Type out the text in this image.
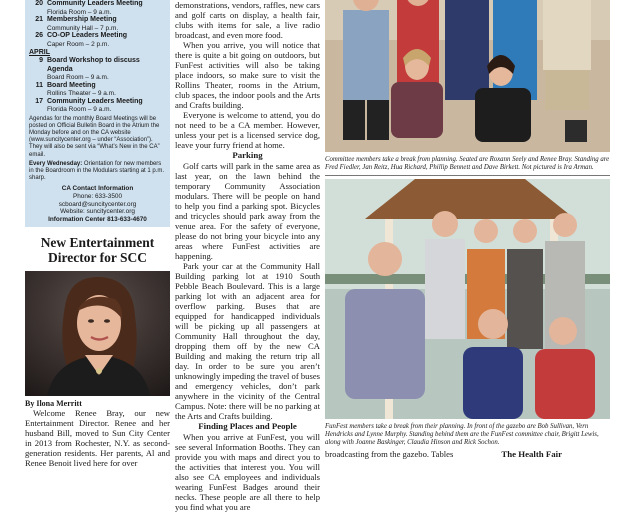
20 Community Leaders Meeting
Florida Room – 9 a.m.
21 Membership Meeting
Community Hall – 7 p.m.
26 CO-OP Leaders Meeting
Caper Room – 2 p.m.
APRIL
9 Board Workshop to discuss Agenda
Board Room – 9 a.m.
11 Board Meeting
Rollins Theater – 9 a.m.
17 Community Leaders Meeting
Florida Room – 9 a.m.
Agendas for the monthly Board Meetings will be posted on Official Bulletin Board in the Atrium the Monday before and on the CA website (www.suncitycenter.org – under “Association”). They will also be sent via “What’s New in the CA” email.
Every Wednesday: Orientation for new members in the Boardroom in the Modulars starting at 1 p.m. sharp.
CA Contact Information
Phone: 633-3500
scboard@suncitycenter.org
Website: suncitycenter.org
Information Center 813-633-4670
New Entertainment Director for SCC
By Ilona Merritt
Welcome Renee Bray, our new Entertainment Director. Renee and her husband Bill, moved to Sun City Center in 2013 from Rochester, N.Y. as second-generation residents. Her parents, Al and Renee Benoit lived here for over
demonstrations, vendors, raffles, new cars and golf carts on display, a health fair, clubs with items for sale, a live radio broadcast, and even more food.
When you arrive, you will notice that there is quite a bit going on outdoors, but FunFest activities will also be taking place indoors, so make sure to visit the Rollins Theater, rooms in the Atrium, club spaces, the indoor pools and the Arts and Crafts building.
Everyone is welcome to attend, you do not need to be a CA member. However, unless your pet is a licensed service dog, leave your furry friend at home.
Parking
Golf carts will park in the same area as last year, on the lawn behind the temporary Community Association modulars. There will be people on hand to help you find a parking spot. Bicycles and tricycles should park away from the venue area. For the safety of everyone, please do not bring your bicycle into any areas where FunFest activities are happening.
Park your car at the Community Hall Building parking lot at 1910 South Pebble Beach Boulevard. This is a large parking lot with an adjacent area for overflow parking. Buses that are equipped for handicapped individuals will be picking up all passengers at Community Hall throughout the day, dropping them off by the new CA Building and making the return trip all day. In order to be sure you aren’t unknowingly impeding the travel of buses and emergency vehicles, don’t park anywhere in the vicinity of the Central Campus. Note: there will be no parking at the Arts and Crafts building.
Finding Places and People
When you arrive at FunFest, you will see several Information Booths. They can provide you with maps and direct you to the activities that interest you. You will also see CA employees and individuals wearing FunFest Badges around their necks. These people are all there to help you find what you are
Committee members take a break from planning. Seated are Roxann Seely and Renee Bray. Standing are Fred Fiedler, Jan Reitz, Hua Richard, Phillip Bennett and Dave Birkett. Not pictured is Ira Arman.
FunFest members take a break from their planning. In front of the gazebo are Bob Sullivan, Vern Hendricks and Lynne Murphy. Standing behind them are the FunFest committee chair, Brigitt Lewis, along with Joanne Baskinger, Claudia Hinson and Rick Sochon.
broadcasting from the gazebo. Tables	The Health Fair
